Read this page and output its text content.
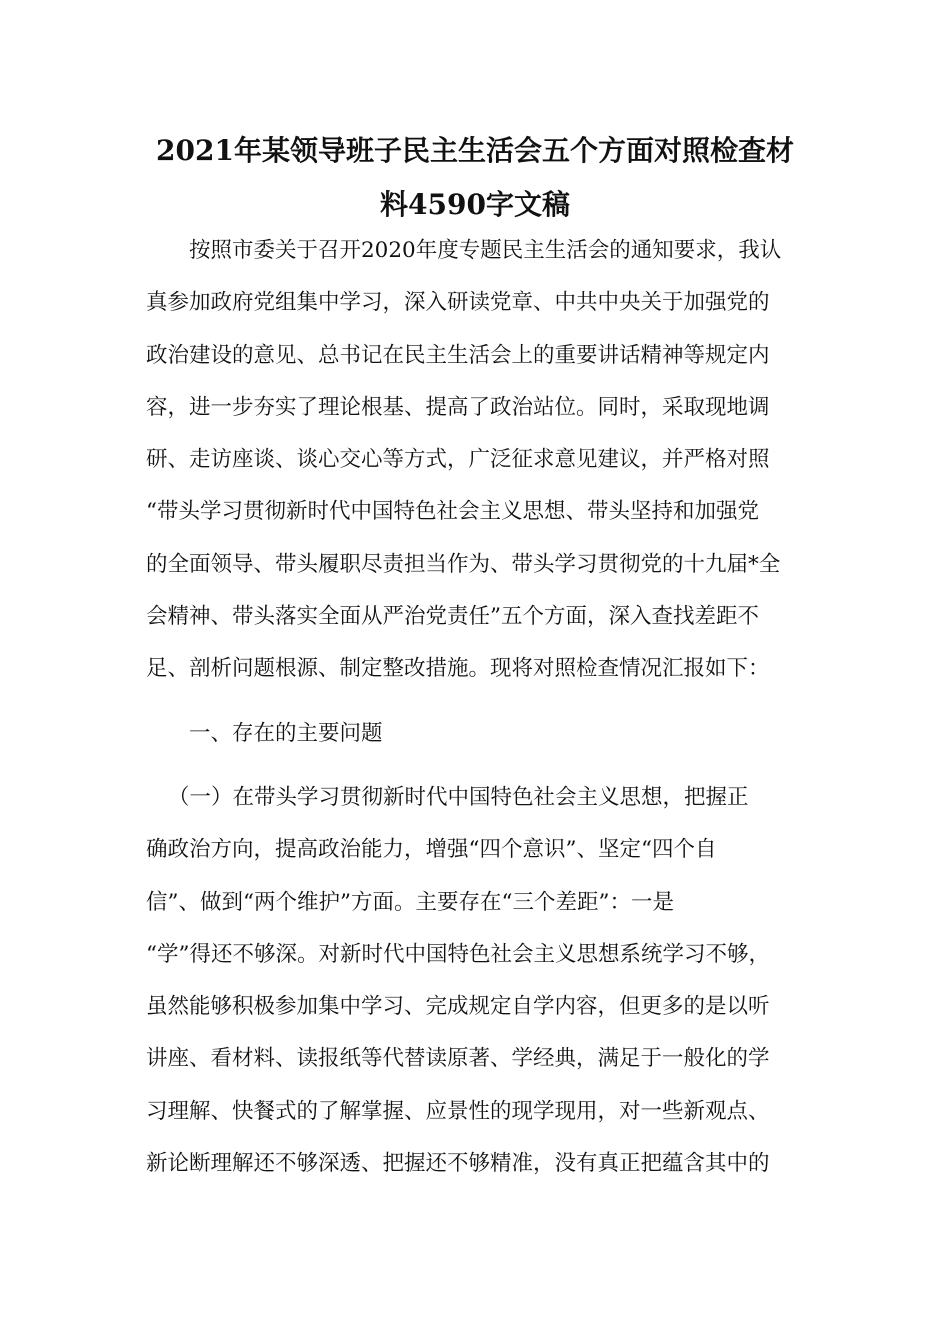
2021年某领导班子民主生活会五个方面对照检查材
料4590字文稿

按照市委关于召开2020年度专题民主生活会的通知要求，我认
真参加政府党组集中学习，深入研读党章、中共中央关于加强党的
政治建设的意见、总书记在民主生活会上的重要讲话精神等规定内
容，进一步夯实了理论根基、提高了政治站位。同时，采取现地调
研、走访座谈、谈心交心等方式，广泛征求意见建议，并严格对照
“带头学习贯彻新时代中国特色社会主义思想、带头坚持和加强党
的全面领导、带头履职尽责担当作为、带头学习贯彻党的十九届*全
会精神、带头落实全面从严治党责任”五个方面，深入查找差距不
足、剖析问题根源、制定整改措施。现将对照检查情况汇报如下：

一、存在的主要问题

（一）在带头学习贯彻新时代中国特色社会主义思想，把握正
确政治方向，提高政治能力，增强“四个意识”、坚定“四个自
信”、做到“两个维护”方面。主要存在“三个差距”：一是
“学”得还不够深。对新时代中国特色社会主义思想系统学习不够，
虽然能够积极参加集中学习、完成规定自学内容，但更多的是以听
讲座、看材料、读报纸等代替读原著、学经典，满足于一般化的学
习理解、快餐式的了解掌握、应景性的现学现用，对一些新观点、
新论断理解还不够深透、把握还不够精准，没有真正把蕴含其中的
